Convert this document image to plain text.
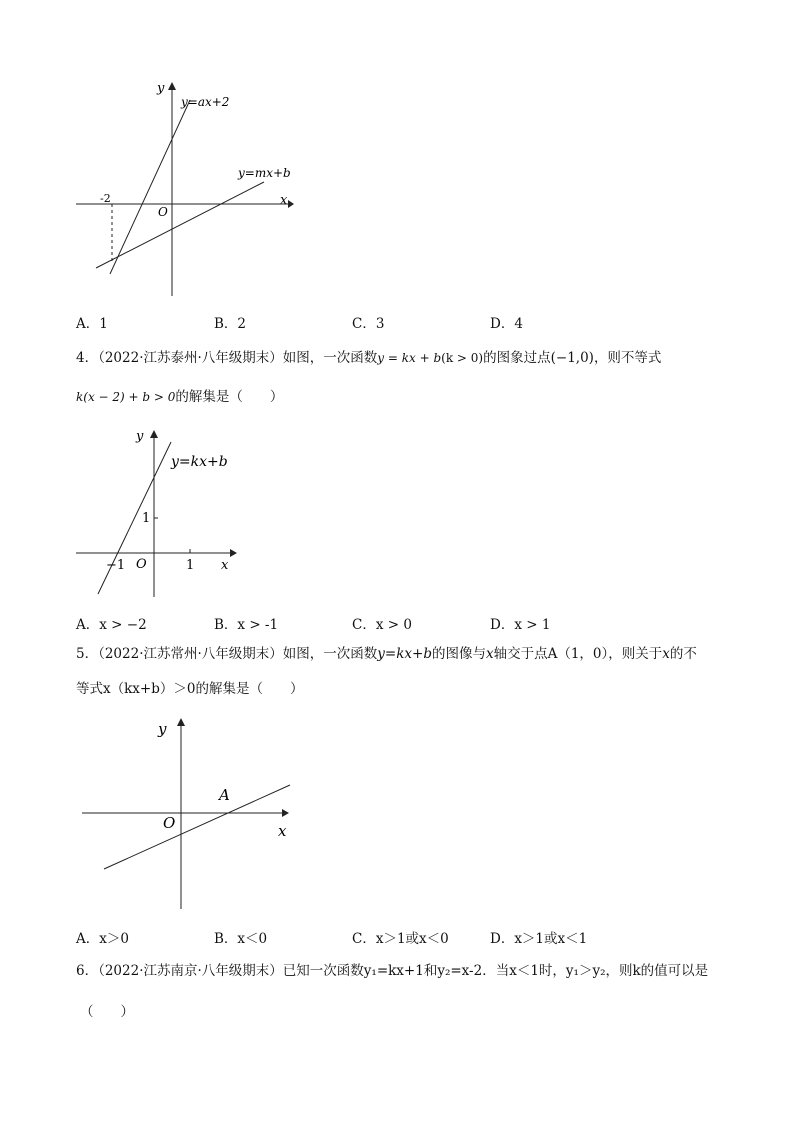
y
x
O
-2
y=ax+2
y=mx+b
A．1	B．2	C．3	D．4
4．（2022·江苏泰州·八年级期末）如图，一次函数y = kx + b(k > 0)的图象过点(−1,0)，则不等式
k(x − 2) + b > 0的解集是（　　）
y
x
O
1
1
−1
y=kx+b
A．x > −2	B．x > -1	C．x > 0	D．x > 1
5．（2022·江苏常州·八年级期末）如图，一次函数y=kx+b的图像与x轴交于点A（1，0），则关于x的不
等式x（kx+b）＞0的解集是（　　）
y
x
O
A
A．x＞0	B．x＜0	C．x＞1或x＜0	D．x＞1或x＜1
6．（2022·江苏南京·八年级期末）已知一次函数y₁=kx+1和y₂=x-2．当x＜1时，y₁＞y₂，则k的值可以是
（　　）
